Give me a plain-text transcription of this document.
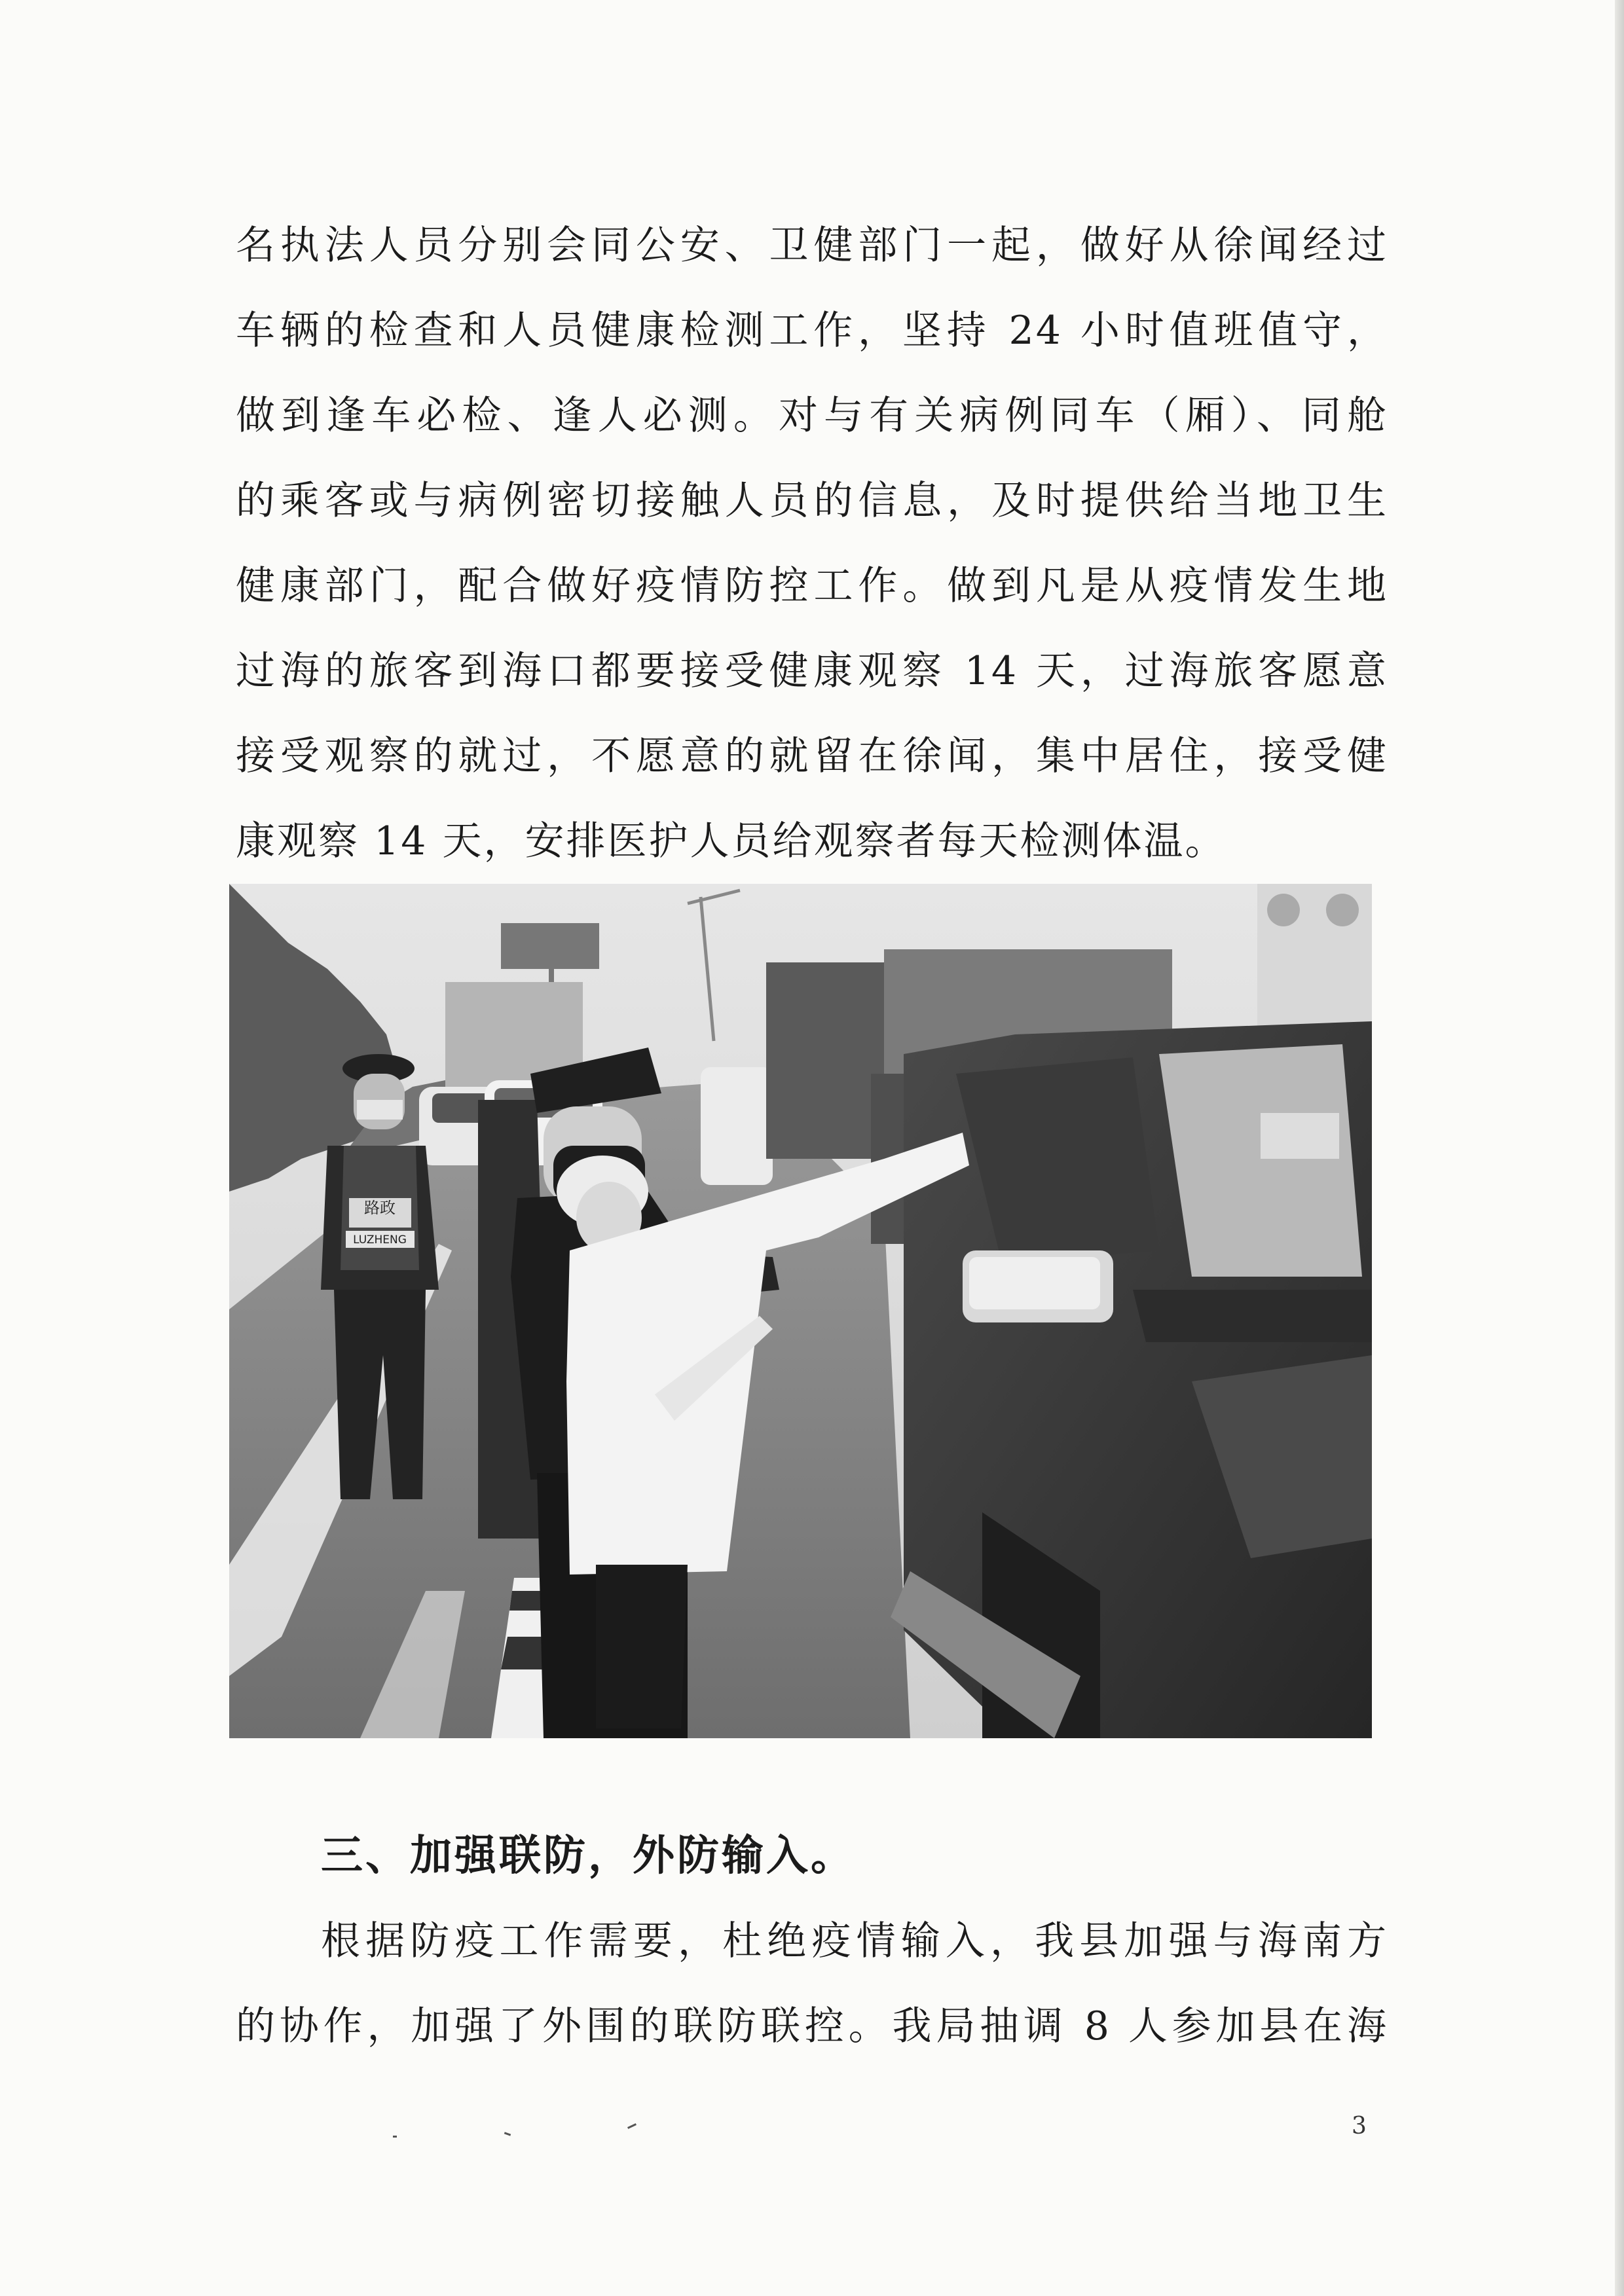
名执法人员分别会同公安、卫健部门一起，做好从徐闻经过
车辆的检查和人员健康检测工作，坚持 24 小时值班值守，
做到逢车必检、逢人必测。对与有关病例同车（厢）、同舱
的乘客或与病例密切接触人员的信息，及时提供给当地卫生
健康部门，配合做好疫情防控工作。做到凡是从疫情发生地
过海的旅客到海口都要接受健康观察 14 天，过海旅客愿意
接受观察的就过，不愿意的就留在徐闻，集中居住，接受健
康观察 14 天，安排医护人员给观察者每天检测体温。
路政
LUZHENG
三、加强联防，外防输入。
根据防疫工作需要，杜绝疫情输入，我县加强与海南方
的协作，加强了外围的联防联控。我局抽调 8 人参加县在海
3
